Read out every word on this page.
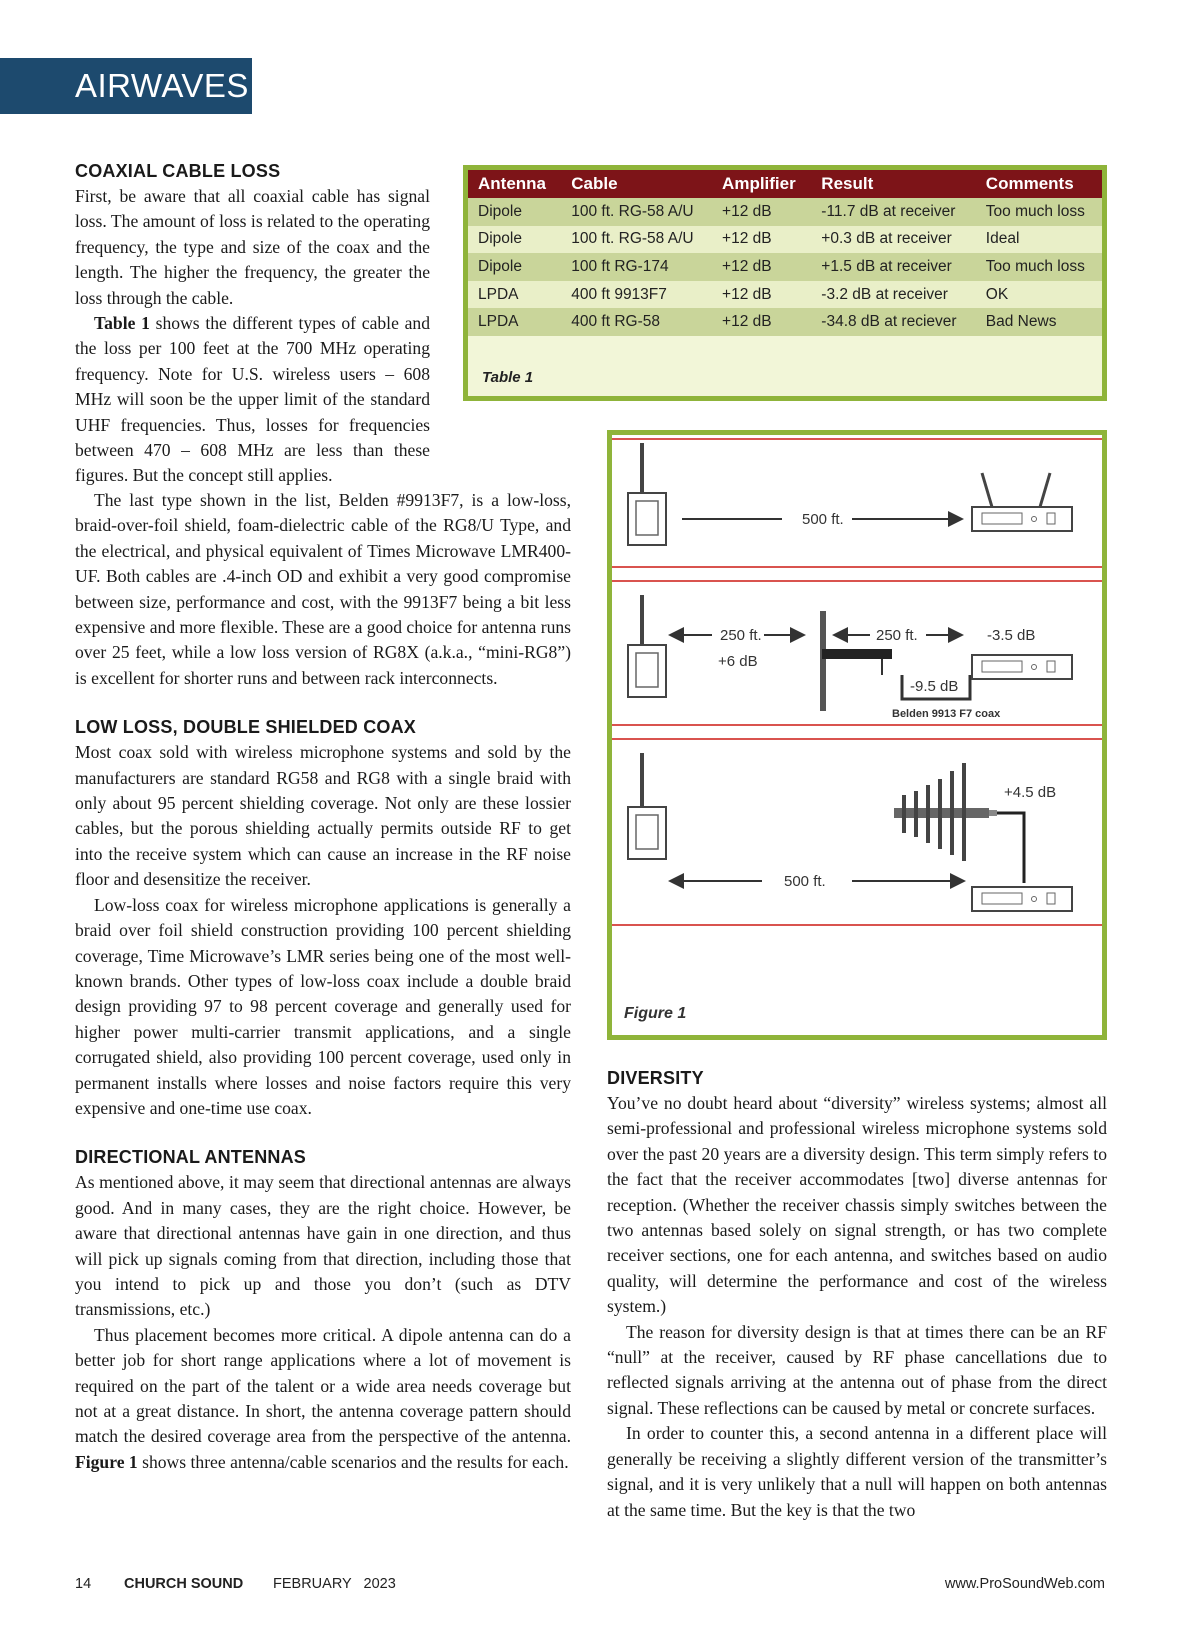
AIRWAVES
COAXIAL CABLE LOSS

First, be aware that all coaxial cable has signal loss. The amount of loss is related to the operating frequency, the type and size of the coax and the length. The higher the frequency, the greater the loss through the cable.

Table 1 shows the different types of cable and the loss per 100 feet at the 700 MHz operating frequency. Note for U.S. wireless users – 608 MHz will soon be the upper limit of the standard UHF frequencies. Thus, losses for frequencies between 470 – 608 MHz are less than these figures. But the concept still applies.

The last type shown in the list, Belden #9913F7, is a low-loss, braid-over-foil shield, foam-dielectric cable of the RG8/U Type, and the electrical, and physical equivalent of Times Microwave LMR400-UF. Both cables are .4-inch OD and exhibit a very good compromise between size, performance and cost, with the 9913F7 being a bit less expensive and more flexible. These are a good choice for antenna runs over 25 feet, while a low loss version of RG8X (a.k.a., “mini-RG8”) is excellent for shorter runs and between rack interconnects.

LOW LOSS, DOUBLE SHIELDED COAX

Most coax sold with wireless microphone systems and sold by the manufacturers are standard RG58 and RG8 with a single braid with only about 95 percent shielding coverage. Not only are these lossier cables, but the porous shielding actually permits outside RF to get into the receive system which can cause an increase in the RF noise floor and desensitize the receiver.

Low-loss coax for wireless microphone applications is generally a braid over foil shield construction providing 100 percent shielding coverage, Time Microwave’s LMR series being one of the most well-known brands. Other types of low-loss coax include a double braid design providing 97 to 98 percent coverage and generally used for higher power multi-carrier transmit applications, and a single corrugated shield, also providing 100 percent coverage, used only in permanent installs where losses and noise factors require this very expensive and one-time use coax.

DIRECTIONAL ANTENNAS

As mentioned above, it may seem that directional antennas are always good. And in many cases, they are the right choice. However, be aware that directional antennas have gain in one direction, and thus will pick up signals coming from that direction, including those that you intend to pick up and those you don’t (such as DTV transmissions, etc.)

Thus placement becomes more critical. A dipole antenna can do a better job for short range applications where a lot of movement is required on the part of the talent or a wide area needs coverage but not at a great distance. In short, the antenna coverage pattern should match the desired coverage area from the perspective of the antenna. Figure 1 shows three antenna/cable scenarios and the results for each.

Antenna	Cable	Amplifier	Result	Comments
Dipole	100 ft. RG-58 A/U	+12 dB	-11.7 dB at receiver	Too much loss
Dipole	100 ft. RG-58 A/U	+12 dB	+0.3 dB at receiver	Ideal
Dipole	100 ft RG-174	+12 dB	+1.5 dB at receiver	Too much loss
LPDA	400 ft 9913F7	+12 dB	-3.2 dB at receiver	OK
LPDA	400 ft RG-58	+12 dB	-34.8 dB at reciever	Bad News
Table 1
500 ft.
250 ft.
+6 dB
250 ft.	-3.5 dB
-9.5 dB
Belden 9913 F7 coax
+4.5 dB
500 ft.
Figure 1
DIVERSITY

You’ve no doubt heard about “diversity” wireless systems; almost all semi-professional and professional wireless microphone systems sold over the past 20 years are a diversity design. This term simply refers to the fact that the receiver accommodates [two] diverse antennas for reception. (Whether the receiver chassis simply switches between the two antennas based solely on signal strength, or has two complete receiver sections, one for each antenna, and switches based on audio quality, will determine the performance and cost of the wireless system.)

The reason for diversity design is that at times there can be an RF “null” at the receiver, caused by RF phase cancellations due to reflected signals arriving at the antenna out of phase from the direct signal. These reflections can be caused by metal or concrete surfaces.

In order to counter this, a second antenna in a different place will generally be receiving a slightly different version of the transmitter’s signal, and it is very unlikely that a null will happen on both antennas at the same time. But the key is that the two

14 CHURCH SOUND FEBRUARY   2023	www.ProSoundWeb.com
